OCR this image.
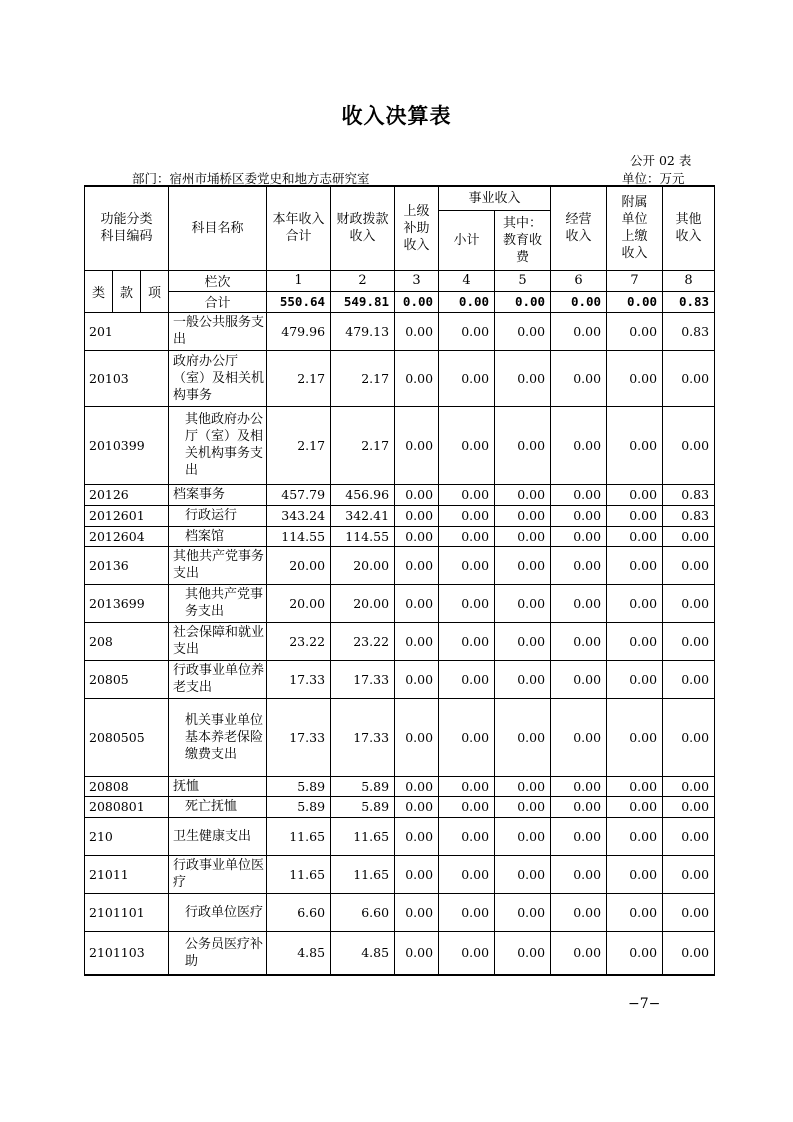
收入决算表
公开 02 表
部门：宿州市埇桥区委党史和地方志研究室	单位：万元
功能分类科目编码			科目名称	本年收入合计	财政拨款收入	上级补助收入	事业收入		经营收入	附属单位上缴收入	其他收入

							小计	其中：教育收费			

类	款	项	栏次	1	2	3	4	5	6	7	8
			合计	550.64	549.81	0.00	0.00	0.00	0.00	0.00	0.83
201			一般公共服务支出	479.96	479.13	0.00	0.00	0.00	0.00	0.00	0.83
20103			政府办公厅（室）及相关机构事务	2.17	2.17	0.00	0.00	0.00	0.00	0.00	0.00
2010399			其他政府办公厅（室）及相关机构事务支出	2.17	2.17	0.00	0.00	0.00	0.00	0.00	0.00
20126			档案事务	457.79	456.96	0.00	0.00	0.00	0.00	0.00	0.83
2012601			行政运行	343.24	342.41	0.00	0.00	0.00	0.00	0.00	0.83
2012604			档案馆	114.55	114.55	0.00	0.00	0.00	0.00	0.00	0.00
20136			其他共产党事务支出	20.00	20.00	0.00	0.00	0.00	0.00	0.00	0.00
2013699			其他共产党事务支出	20.00	20.00	0.00	0.00	0.00	0.00	0.00	0.00
208			社会保障和就业支出	23.22	23.22	0.00	0.00	0.00	0.00	0.00	0.00
20805			行政事业单位养老支出	17.33	17.33	0.00	0.00	0.00	0.00	0.00	0.00
2080505			机关事业单位基本养老保险缴费支出	17.33	17.33	0.00	0.00	0.00	0.00	0.00	0.00
20808			抚恤	5.89	5.89	0.00	0.00	0.00	0.00	0.00	0.00
2080801			死亡抚恤	5.89	5.89	0.00	0.00	0.00	0.00	0.00	0.00
210			卫生健康支出	11.65	11.65	0.00	0.00	0.00	0.00	0.00	0.00
21011			行政事业单位医疗	11.65	11.65	0.00	0.00	0.00	0.00	0.00	0.00
2101101			行政单位医疗	6.60	6.60	0.00	0.00	0.00	0.00	0.00	0.00
2101103			公务员医疗补助	4.85	4.85	0.00	0.00	0.00	0.00	0.00	0.00
−7−
